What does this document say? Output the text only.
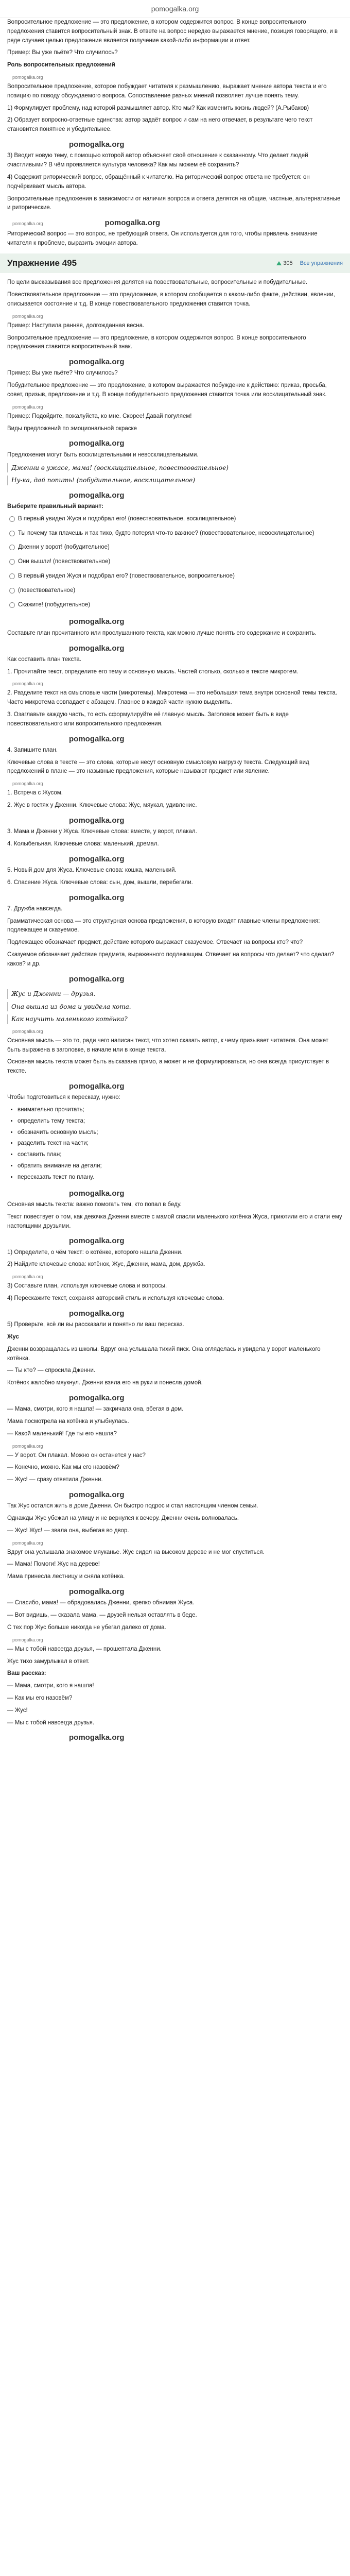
pomogalka.org

Вопросительное предложение — это предложение, в котором содержится вопрос. В конце вопросительного предложения ставится вопросительный знак. В ответе на вопрос нередко выражается мнение, позиция говорящего, и в ряде случаев целью предложения является получение какой-либо информации и ответ.

Пример: Вы уже пьёте? Что случилось?

Роль вопросительных предложений

pomogalka.org

Вопросительное предложение, которое побуждает читателя к размышлению, выражает мнение автора текста и его позицию по поводу обсуждаемого вопроса. Сопоставление разных мнений позволяет лучше понять тему.

1) Формулирует проблему, над которой размышляет автор. Кто мы? Как изменить жизнь людей? (А.Рыбаков)

2) Образует вопросно-ответные единства: автор задаёт вопрос и сам на него отвечает, в результате чего текст становится понятнее и убедительнее.

pomogalka.org

3) Вводит новую тему, с помощью которой автор объясняет своё отношение к сказанному. Что делает людей счастливыми? В чём проявляется культура человека? Как мы можем её сохранить?

4) Содержит риторический вопрос, обращённый к читателю. На риторический вопрос ответа не требуется: он подчёркивает мысль автора.

Вопросительные предложения в зависимости от наличия вопроса и ответа делятся на общие, частные, альтернативные и риторические.

pomogalka.org	pomogalka.org

Риторический вопрос — это вопрос, не требующий ответа. Он используется для того, чтобы привлечь внимание читателя к проблеме, выразить эмоции автора.

Упражнение 495	305 Все упражнения

По цели высказывания все предложения делятся на повествовательные, вопросительные и побудительные.

Повествовательное предложение — это предложение, в котором сообщается о каком-либо факте, действии, явлении, описывается состояние и т.д. В конце повествовательного предложения ставится точка.

pomogalka.org

Пример: Наступила ранняя, долгожданная весна.

Вопросительное предложение — это предложение, в котором содержится вопрос. В конце вопросительного предложения ставится вопросительный знак.

pomogalka.org

Пример: Вы уже пьёте? Что случилось?

Побудительное предложение — это предложение, в котором выражается побуждение к действию: приказ, просьба, совет, призыв, предложение и т.д. В конце побудительного предложения ставится точка или восклицательный знак.

pomogalka.org

Пример: Подойдите, пожалуйста, ко мне. Скорее! Давай погуляем!

Виды предложений по эмоциональной окраске

pomogalka.org

Предложения могут быть восклицательными и невосклицательными.

Дженни в ужасе, мама! (восклицательное, повествовательное)
Ну-ка, дай попить! (побудительное, восклицательное)
pomogalka.org

Выберите правильный вариант:

В первый увидел Жуся и подобрал его! (повествовательное, восклицательное)
Ты почему так плачешь и так тихо, будто потерял что-то важное? (повествовательное, невосклицательное)
Дженни у ворот! (побудительное)
Они вышли! (повествовательное)
В первый увидел Жуся и подобрал его? (повествовательное, вопросительное)
(повествовательное)
Скажите! (побудительное)
pomogalka.org

Составьте план прочитанного или прослушанного текста, как можно лучше понять его содержание и сохранить.

pomogalka.org

Как составить план текста.

1. Прочитайте текст, определите его тему и основную мысль. Частей столько, сколько в тексте микротем.

pomogalka.org

2. Разделите текст на смысловые части (микротемы). Микротема — это небольшая тема внутри основной темы текста. Часто микротема совпадает с абзацем. Главное в каждой части нужно выделить.

3. Озаглавьте каждую часть, то есть сформулируйте её главную мысль. Заголовок может быть в виде повествовательного или вопросительного предложения.

pomogalka.org

4. Запишите план.

Ключевые слова в тексте — это слова, которые несут основную смысловую нагрузку текста. Следующий вид предложений в плане — это назывные предложения, которые называют предмет или явление.

pomogalka.org

1. Встреча с Жусом.

2. Жус в гостях у Дженни. Ключевые слова: Жус, мяукал, удивление.

pomogalka.org

3. Мама и Дженни у Жуса. Ключевые слова: вместе, у ворот, плакал.

4. Колыбельная. Ключевые слова: маленький, дремал.

pomogalka.org

5. Новый дом для Жуса. Ключевые слова: кошка, маленький.

6. Спасение Жуса. Ключевые слова: сын, дом, вышли, перебегали.

pomogalka.org

7. Дружба навсегда.

Грамматическая основа — это структурная основа предложения, в которую входят главные члены предложения: подлежащее и сказуемое.

Подлежащее обозначает предмет, действие которого выражает сказуемое. Отвечает на вопросы кто? что?

Сказуемое обозначает действие предмета, выраженного подлежащим. Отвечает на вопросы что делает? что сделал? каков? и др.

pomogalka.org
Жус и Дженни — друзья.
Она вышла из дома и увидела кота.
Как научить маленького котёнка?
pomogalka.org

Основная мысль — это то, ради чего написан текст, что хотел сказать автор, к чему призывает читателя. Она может быть выражена в заголовке, в начале или в конце текста.

Основная мысль текста может быть высказана прямо, а может и не формулироваться, но она всегда присутствует в тексте.

pomogalka.org

Чтобы подготовиться к пересказу, нужно:

• внимательно прочитать;
• определить тему текста;
• обозначить основную мысль;
• разделить текст на части;
• составить план;
• обратить внимание на детали;
• пересказать текст по плану.
pomogalka.org

Основная мысль текста: важно помогать тем, кто попал в беду.

Текст повествует о том, как девочка Дженни вместе с мамой спасли маленького котёнка Жуса, приютили его и стали ему настоящими друзьями.

pomogalka.org

1) Определите, о чём текст: о котёнке, которого нашла Дженни.

2) Найдите ключевые слова: котёнок, Жус, Дженни, мама, дом, дружба.

pomogalka.org

3) Составьте план, используя ключевые слова и вопросы.

4) Перескажите текст, сохраняя авторский стиль и используя ключевые слова.

pomogalka.org

5) Проверьте, всё ли вы рассказали и понятно ли ваш пересказ.

Жус

Дженни возвращалась из школы. Вдруг она услышала тихий писк. Она огляделась и увидела у ворот маленького котёнка.

— Ты кто? — спросила Дженни.

Котёнок жалобно мяукнул. Дженни взяла его на руки и понесла домой.

pomogalka.org

— Мама, смотри, кого я нашла! — закричала она, вбегая в дом.

Мама посмотрела на котёнка и улыбнулась.

— Какой маленький! Где ты его нашла?

pomogalka.org

— У ворот. Он плакал. Можно он останется у нас?

— Конечно, можно. Как мы его назовём?

— Жус! — сразу ответила Дженни.

pomogalka.org

Так Жус остался жить в доме Дженни. Он быстро подрос и стал настоящим членом семьи.

Однажды Жус убежал на улицу и не вернулся к вечеру. Дженни очень волновалась.

— Жус! Жус! — звала она, выбегая во двор.

pomogalka.org

Вдруг она услышала знакомое мяуканье. Жус сидел на высоком дереве и не мог спуститься.

— Мама! Помоги! Жус на дереве!

Мама принесла лестницу и сняла котёнка.

pomogalka.org

— Спасибо, мама! — обрадовалась Дженни, крепко обнимая Жуса.

— Вот видишь, — сказала мама, — друзей нельзя оставлять в беде.

С тех пор Жус больше никогда не убегал далеко от дома.

pomogalka.org

— Мы с тобой навсегда друзья, — прошептала Дженни.

Жус тихо замурлыкал в ответ.

Ваш рассказ:

— Мама, смотри, кого я нашла!

— Как мы его назовём?

— Жус!

— Мы с тобой навсегда друзья.

pomogalka.org
